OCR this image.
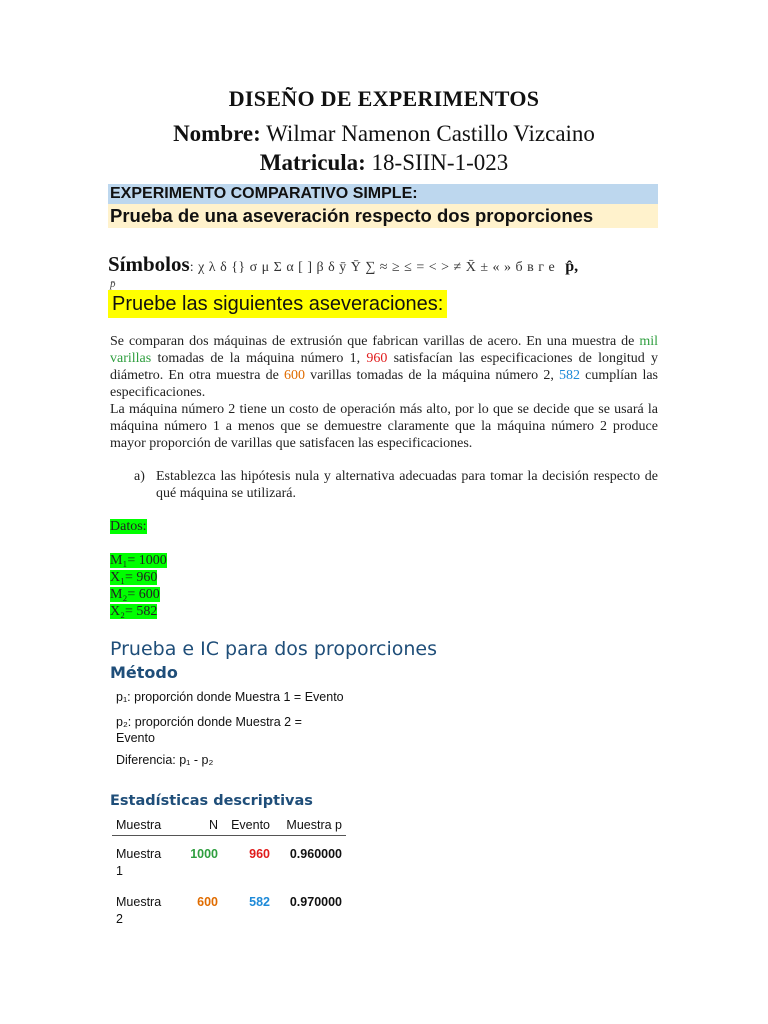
DISEÑO DE EXPERIMENTOS
Nombre: Wilmar Namenon Castillo Vizcaino
Matricula: 18-SIIN-1-023
EXPERIMENTO COMPARATIVO SIMPLE:
Prueba de una aseveración respecto dos proporciones
Símbolos: χ λ δ {} σ μ Σ α [ ] β δ ӯ Ῡ ∑ ≈ ≥ ≤ = < > ≠ X̄ ± « » б в г е p̂,
p̄
Pruebe las siguientes aseveraciones:
Se comparan dos máquinas de extrusión que fabrican varillas de acero. En una muestra de mil varillas tomadas de la máquina número 1, 960 satisfacían las especificaciones de longitud y diámetro. En otra muestra de 600 varillas tomadas de la máquina número 2, 582 cumplían las especificaciones.
La máquina número 2 tiene un costo de operación más alto, por lo que se decide que se usará la máquina número 1 a menos que se demuestre claramente que la máquina número 2 produce mayor proporción de varillas que satisfacen las especificaciones.
a) Establezca las hipótesis nula y alternativa adecuadas para tomar la decisión respecto de qué máquina se utilizará.
Datos:
M₁= 1000
X₁= 960
M₂= 600
X₂= 582
Prueba e IC para dos proporciones
Método
p₁: proporción donde Muestra 1 = Evento
p₂: proporción donde Muestra 2 = Evento
Diferencia: p₁ - p₂
Estadísticas descriptivas
Muestra	N	Evento	Muestra p
Muestra 1	1000	960	0.960000
Muestra 2	600	582	0.970000
